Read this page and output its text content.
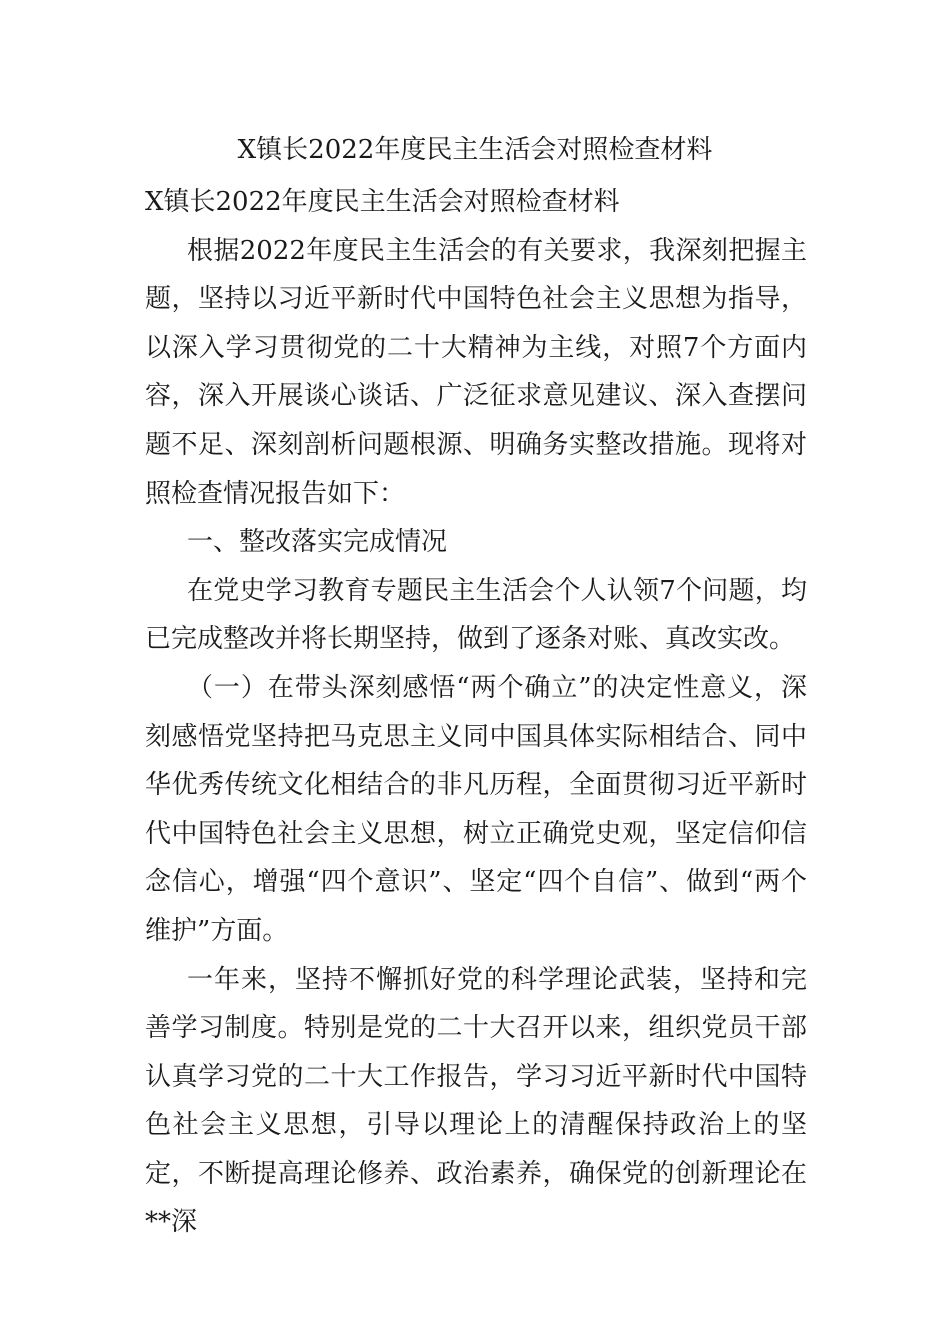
X镇长2022年度民主生活会对照检查材料

X镇长2022年度民主生活会对照检查材料

根据2022年度民主生活会的有关要求，我深刻把握主题，坚持以习近平新时代中国特色社会主义思想为指导，以深入学习贯彻党的二十大精神为主线，对照7个方面内容，深入开展谈心谈话、广泛征求意见建议、深入查摆问题不足、深刻剖析问题根源、明确务实整改措施。现将对照检查情况报告如下：

一、整改落实完成情况

在党史学习教育专题民主生活会个人认领7个问题，均已完成整改并将长期坚持，做到了逐条对账、真改实改。

（一）在带头深刻感悟“两个确立”的决定性意义，深刻感悟党坚持把马克思主义同中国具体实际相结合、同中华优秀传统文化相结合的非凡历程，全面贯彻习近平新时代中国特色社会主义思想，树立正确党史观，坚定信仰信念信心，增强“四个意识”、坚定“四个自信”、做到“两个维护”方面。

一年来，坚持不懈抓好党的科学理论武装，坚持和完善学习制度。特别是党的二十大召开以来，组织党员干部认真学习党的二十大工作报告，学习习近平新时代中国特色社会主义思想，引导以理论上的清醒保持政治上的坚定，不断提高理论修养、政治素养，确保党的创新理论在**深
